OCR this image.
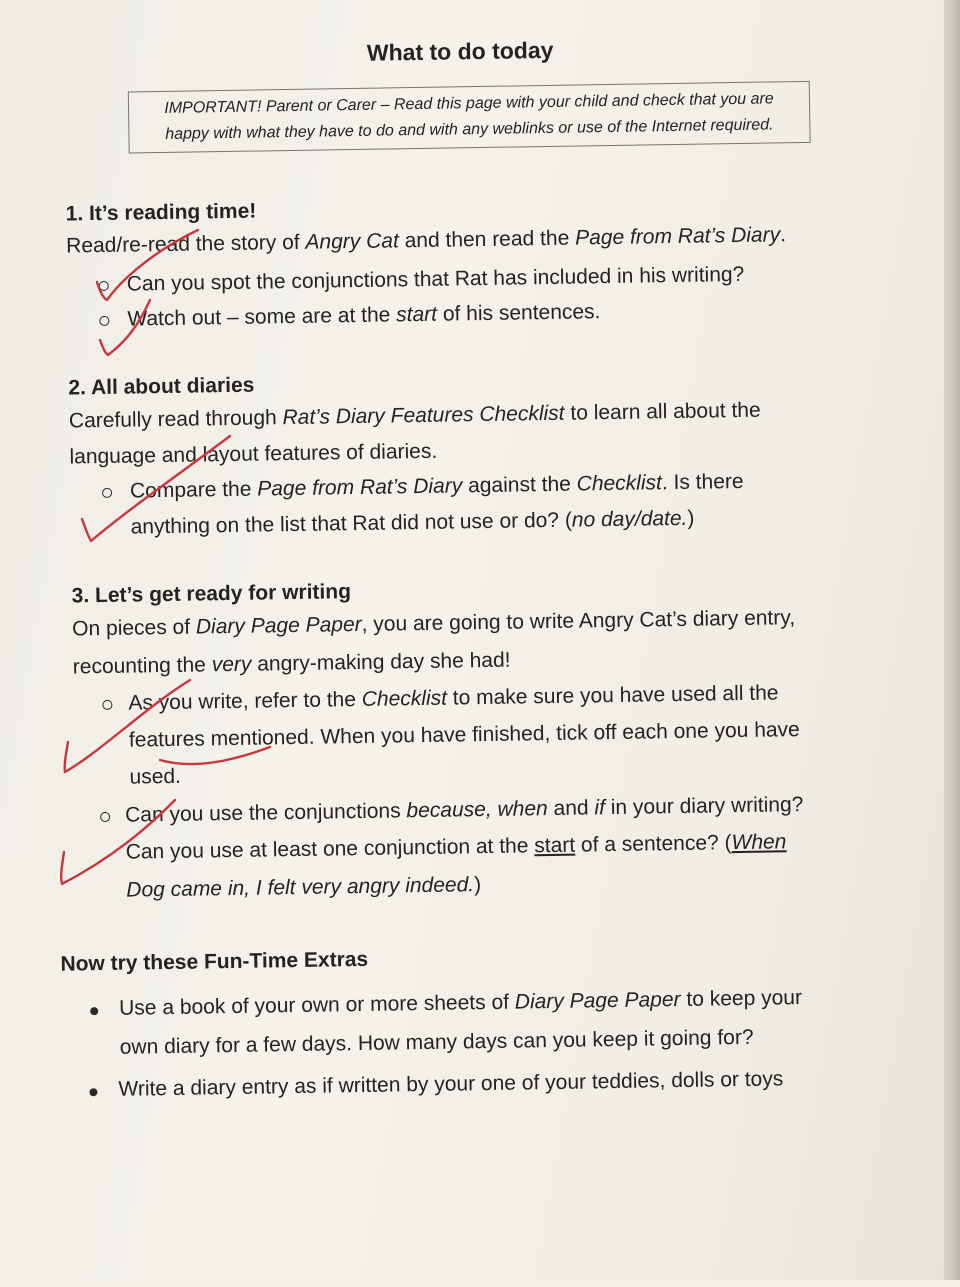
What to do today
IMPORTANT! Parent or Carer – Read this page with your child and check that you are
happy with what they have to do and with any weblinks or use of the Internet required.
1. It’s reading time!
Read/re-read the story of Angry Cat and then read the Page from Rat’s Diary.
Can you spot the conjunctions that Rat has included in his writing?
Watch out – some are at the start of his sentences.
2. All about diaries
Carefully read through Rat’s Diary Features Checklist to learn all about the
language and layout features of diaries.
Compare the Page from Rat’s Diary against the Checklist. Is there
anything on the list that Rat did not use or do? (no day/date.)
3. Let’s get ready for writing
On pieces of Diary Page Paper, you are going to write Angry Cat’s diary entry,
recounting the very angry-making day she had!
As you write, refer to the Checklist to make sure you have used all the
features mentioned. When you have finished, tick off each one you have
used.
Can you use the conjunctions because, when and if in your diary writing?
Can you use at least one conjunction at the start of a sentence? (When
Dog came in, I felt very angry indeed.)
Now try these Fun-Time Extras
Use a book of your own or more sheets of Diary Page Paper to keep your
own diary for a few days. How many days can you keep it going for?
Write a diary entry as if written by your one of your teddies, dolls or toys
